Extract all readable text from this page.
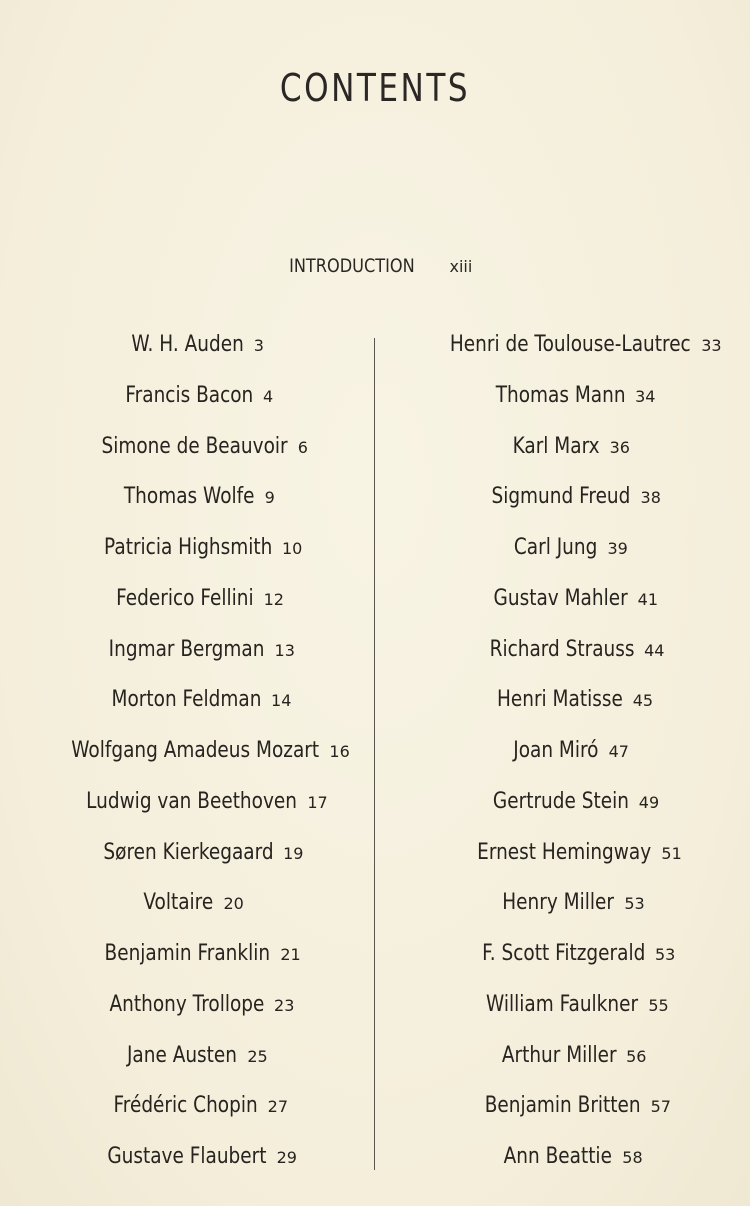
CONTENTS
INTRODUCTION xiii
W. H. Auden 3
Francis Bacon 4
Simone de Beauvoir 6
Thomas Wolfe 9
Patricia Highsmith 10
Federico Fellini 12
Ingmar Bergman 13
Morton Feldman 14
Wolfgang Amadeus Mozart 16
Ludwig van Beethoven 17
Søren Kierkegaard 19
Voltaire 20
Benjamin Franklin 21
Anthony Trollope 23
Jane Austen 25
Frédéric Chopin 27
Gustave Flaubert 29
Henri de Toulouse-Lautrec 33
Thomas Mann 34
Karl Marx 36
Sigmund Freud 38
Carl Jung 39
Gustav Mahler 41
Richard Strauss 44
Henri Matisse 45
Joan Miró 47
Gertrude Stein 49
Ernest Hemingway 51
Henry Miller 53
F. Scott Fitzgerald 53
William Faulkner 55
Arthur Miller 56
Benjamin Britten 57
Ann Beattie 58
